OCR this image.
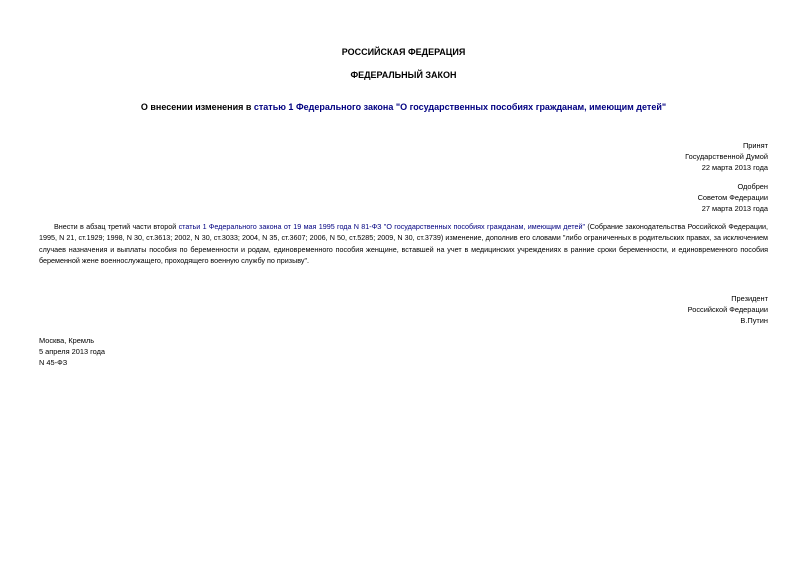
РОССИЙСКАЯ ФЕДЕРАЦИЯ
ФЕДЕРАЛЬНЫЙ ЗАКОН
О внесении изменения в статью 1 Федерального закона "О государственных пособиях гражданам, имеющим детей"
Принят
Государственной Думой
22 марта 2013 года
Одобрен
Советом Федерации
27 марта 2013 года
Внести в абзац третий части второй статьи 1 Федерального закона от 19 мая 1995 года N 81-ФЗ "О государственных пособиях гражданам, имеющим детей" (Собрание законодательства Российской Федерации, 1995, N 21, ст.1929; 1998, N 30, ст.3613; 2002, N 30, ст.3033; 2004, N 35, ст.3607; 2006, N 50, ст.5285; 2009, N 30, ст.3739) изменение, дополнив его словами "либо ограниченных в родительских правах, за исключением случаев назначения и выплаты пособия по беременности и родам, единовременного пособия женщине, вставшей на учет в медицинских учреждениях в ранние сроки беременности, и единовременного пособия беременной жене военнослужащего, проходящего военную службу по призыву".
Президент
Российской Федерации
В.Путин
Москва, Кремль
5 апреля 2013 года
N 45-ФЗ
